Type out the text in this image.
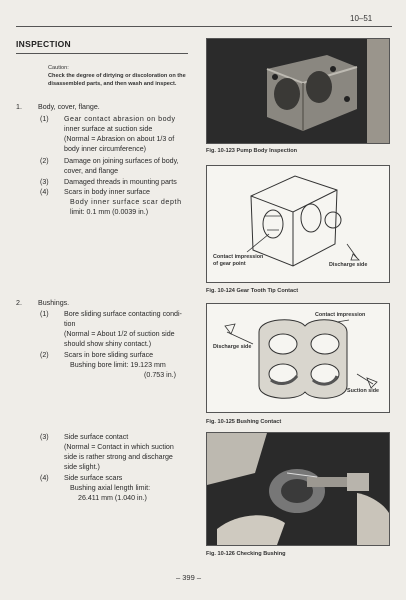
10–51
INSPECTION
Caution:
Check the degree of dirtying or discoloration on the disassembled parts, and then wash and inspect.
1. Body, cover, flange.
(1) Gear contact abrasion on body
inner surface at suction side
(Normal = Abrasion on about 1/3 of
body inner circumference)
(2) Damage on joining surfaces of body,
cover, and flange
(3) Damaged threads in mounting parts
(4) Scars in body inner surface
Body inner surface scar depth
limit: 0.1 mm (0.0039 in.)
2. Bushings.
(1) Bore sliding surface contacting condi-
tion
(Normal = About 1/2 of suction side
should show shiny contact.)
(2) Scars in bore sliding surface
Bushing bore limit: 19.123 mm
(0.753 in.)
(3) Side surface contact
(Normal = Contact in which suction
side is rather strong and discharge
side slight.)
(4) Side surface scars
Bushing axial length limit:
26.411 mm (1.040 in.)
Fig. 10-123 Pump Body Inspection
Contact impression
of gear point	Discharge side
Fig. 10-124 Gear Tooth Tip Contact
Contact impression
Discharge side
Suction side
Fig. 10-125 Bushing Contact
Fig. 10-126 Checking Bushing
– 399 –
